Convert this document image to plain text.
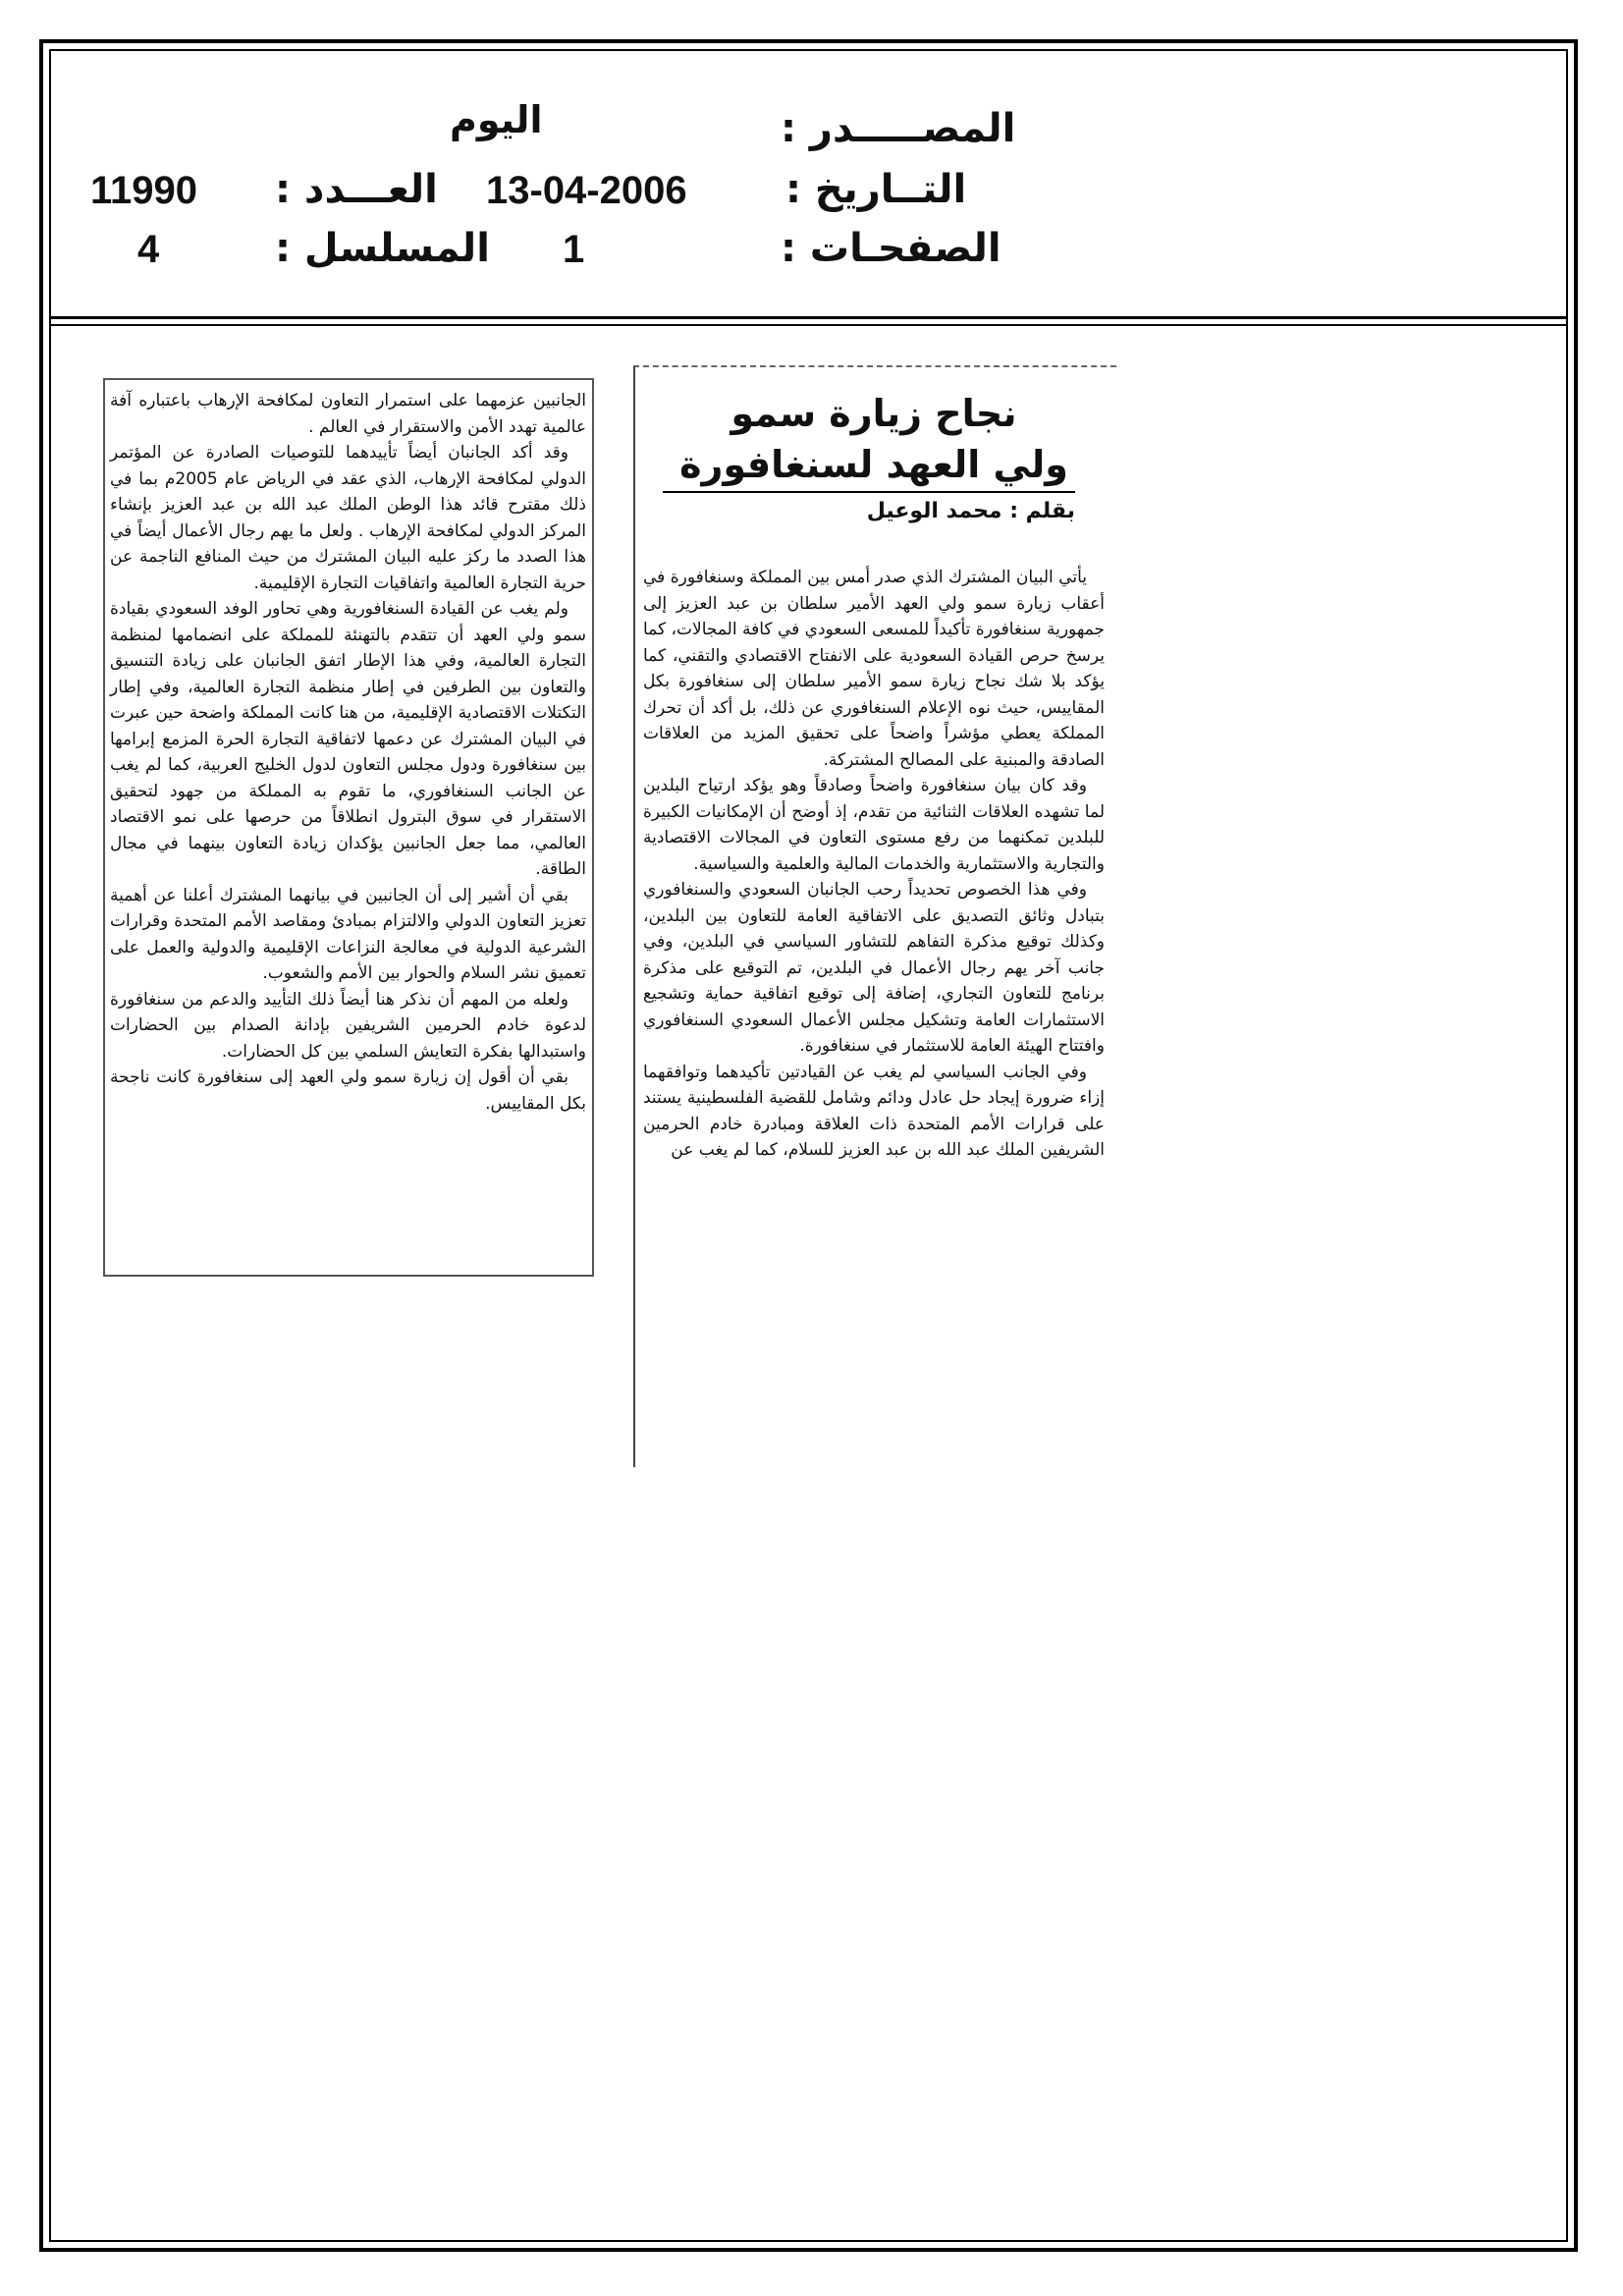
المصـــــدر :
اليوم
التــاريخ :
13-04-2006
العـــدد :
11990
الصفحـات :
1
المسلسل :
4
نجاح زيارة سمو
ولي العهد لسنغافورة
بقلم : محمد الوعيل

يأتي البيان المشترك الذي صدر أمس بين المملكة وسنغافورة في أعقاب زيارة سمو ولي العهد الأمير سلطان بن عبد العزيز إلى جمهورية سنغافورة تأكيداً للمسعى السعودي في كافة المجالات، كما يرسخ حرص القيادة السعودية على الانفتاح الاقتصادي والتقني، كما يؤكد بلا شك نجاح زيارة سمو الأمير سلطان إلى سنغافورة بكل المقاييس، حيث نوه الإعلام السنغافوري عن ذلك، بل أكد أن تحرك المملكة يعطي مؤشراً واضحاً على تحقيق المزيد من العلاقات الصادقة والمبنية على المصالح المشتركة.

وقد كان بيان سنغافورة واضحاً وصادقاً وهو يؤكد ارتياح البلدين لما تشهده العلاقات الثنائية من تقدم، إذ أوضح أن الإمكانيات الكبيرة للبلدين تمكنهما من رفع مستوى التعاون في المجالات الاقتصادية والتجارية والاستثمارية والخدمات المالية والعلمية والسياسية.

وفي هذا الخصوص تحديداً رحب الجانبان السعودي والسنغافوري بتبادل وثائق التصديق على الاتفاقية العامة للتعاون بين البلدين، وكذلك توقيع مذكرة التفاهم للتشاور السياسي في البلدين، وفي جانب آخر يهم رجال الأعمال في البلدين، تم التوقيع على مذكرة برنامج للتعاون التجاري، إضافة إلى توقيع اتفاقية حماية وتشجيع الاستثمارات العامة وتشكيل مجلس الأعمال السعودي السنغافوري وافتتاح الهيئة العامة للاستثمار في سنغافورة.

وفي الجانب السياسي لم يغب عن القيادتين تأكيدهما وتوافقهما إزاء ضرورة إيجاد حل عادل ودائم وشامل للقضية الفلسطينية يستند على قرارات الأمم المتحدة ذات العلاقة ومبادرة خادم الحرمين الشريفين الملك عبد الله بن عبد العزيز للسلام، كما لم يغب عن

الجانبين عزمهما على استمرار التعاون لمكافحة الإرهاب باعتباره آفة عالمية تهدد الأمن والاستقرار في العالم .

وقد أكد الجانبان أيضاً تأييدهما للتوصيات الصادرة عن المؤتمر الدولي لمكافحة الإرهاب، الذي عقد في الرياض عام 2005م بما في ذلك مقترح قائد هذا الوطن الملك عبد الله بن عبد العزيز بإنشاء المركز الدولي لمكافحة الإرهاب . ولعل ما يهم رجال الأعمال أيضاً في هذا الصدد ما ركز عليه البيان المشترك من حيث المنافع الناجمة عن حرية التجارة العالمية واتفاقيات التجارة الإقليمية.

ولم يغب عن القيادة السنغافورية وهي تحاور الوفد السعودي بقيادة سمو ولي العهد أن تتقدم بالتهنئة للمملكة على انضمامها لمنظمة التجارة العالمية، وفي هذا الإطار اتفق الجانبان على زيادة التنسيق والتعاون بين الطرفين في إطار منظمة التجارة العالمية، وفي إطار التكتلات الاقتصادية الإقليمية، من هنا كانت المملكة واضحة حين عبرت في البيان المشترك عن دعمها لاتفاقية التجارة الحرة المزمع إبرامها بين سنغافورة ودول مجلس التعاون لدول الخليج العربية، كما لم يغب عن الجانب السنغافوري، ما تقوم به المملكة من جهود لتحقيق الاستقرار في سوق البترول انطلاقاً من حرصها على نمو الاقتصاد العالمي، مما جعل الجانبين يؤكدان زيادة التعاون بينهما في مجال الطاقة.

بقي أن أشير إلى أن الجانبين في بيانهما المشترك أعلنا عن أهمية تعزيز التعاون الدولي والالتزام بمبادئ ومقاصد الأمم المتحدة وقرارات الشرعية الدولية في معالجة النزاعات الإقليمية والدولية والعمل على تعميق نشر السلام والحوار بين الأمم والشعوب.

ولعله من المهم أن نذكر هنا أيضاً ذلك التأييد والدعم من سنغافورة لدعوة خادم الحرمين الشريفين بإدانة الصدام بين الحضارات واستبدالها بفكرة التعايش السلمي بين كل الحضارات.

بقي أن أقول إن زيارة سمو ولي العهد إلى سنغافورة كانت ناجحة بكل المقاييس.
